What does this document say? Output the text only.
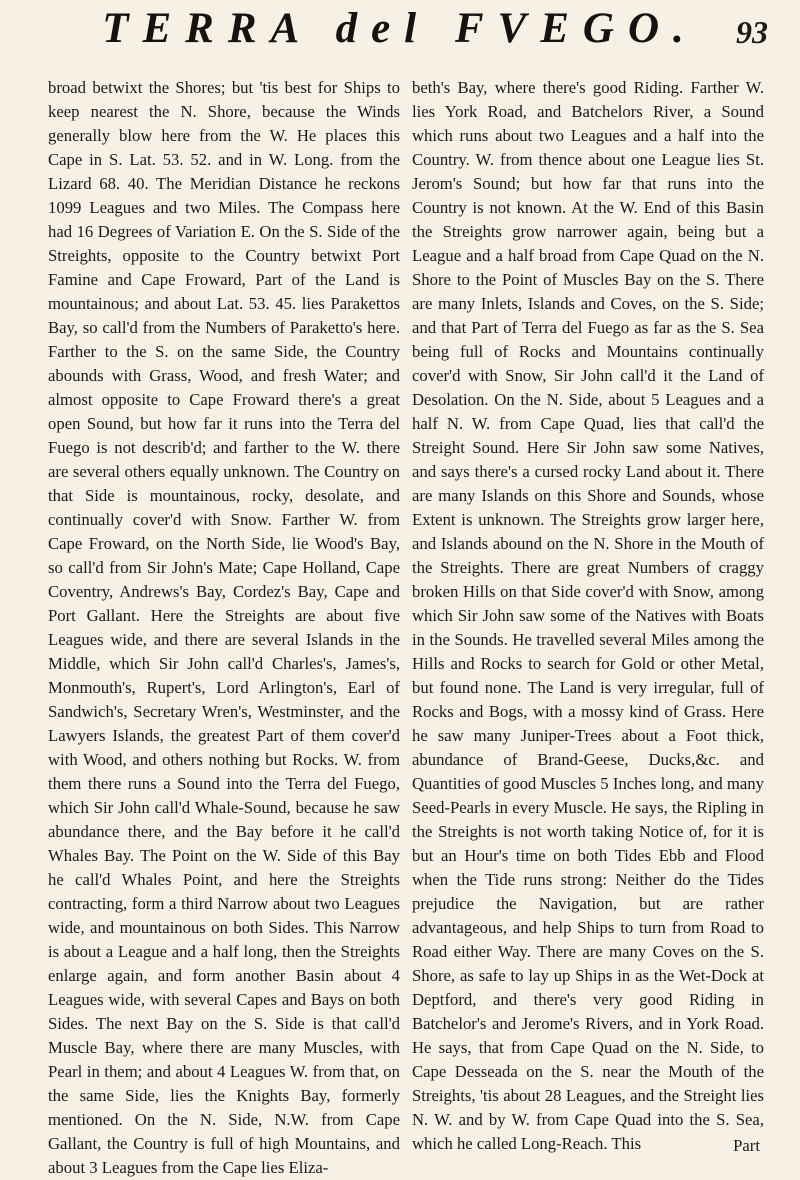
TERRA del FVEGO.	93

broad betwixt the Shores; but 'tis best for Ships to keep nearest the N. Shore, because the Winds generally blow here from the W. He places this Cape in S. Lat. 53. 52. and in W. Long. from the Lizard 68. 40. The Meridian Distance he reckons 1099 Leagues and two Miles. The Compass here had 16 Degrees of Variation E. On the S. Side of the Streights, opposite to the Country betwixt Port Famine and Cape Froward, Part of the Land is mountainous; and about Lat. 53. 45. lies Parakettos Bay, so call'd from the Numbers of Paraketto's here. Farther to the S. on the same Side, the Country abounds with Grass, Wood, and fresh Water; and almost opposite to Cape Froward there's a great open Sound, but how far it runs into the Terra del Fuego is not describ'd; and farther to the W. there are several others equally unknown. The Country on that Side is mountainous, rocky, desolate, and continually cover'd with Snow. Farther W. from Cape Froward, on the North Side, lie Wood's Bay, so call'd from Sir John's Mate; Cape Holland, Cape Coventry, Andrews's Bay, Cordez's Bay, Cape and Port Gallant. Here the Streights are about five Leagues wide, and there are several Islands in the Middle, which Sir John call'd Charles's, James's, Monmouth's, Rupert's, Lord Arlington's, Earl of Sandwich's, Secretary Wren's, Westminster, and the Lawyers Islands, the greatest Part of them cover'd with Wood, and others nothing but Rocks. W. from them there runs a Sound into the Terra del Fuego, which Sir John call'd Whale-Sound, because he saw abundance there, and the Bay before it he call'd Whales Bay. The Point on the W. Side of this Bay he call'd Whales Point, and here the Streights contracting, form a third Narrow about two Leagues wide, and mountainous on both Sides. This Narrow is about a League and a half long, then the Streights enlarge again, and form another Basin about 4 Leagues wide, with several Capes and Bays on both Sides. The next Bay on the S. Side is that call'd Muscle Bay, where there are many Muscles, with Pearl in them; and about 4 Leagues W. from that, on the same Side, lies the Knights Bay, formerly mentioned. On the N. Side, N.W. from Cape Gallant, the Country is full of high Mountains, and about 3 Leagues from the Cape lies Eliza-

beth's Bay, where there's good Riding. Farther W. lies York Road, and Batchelors River, a Sound which runs about two Leagues and a half into the Country. W. from thence about one League lies St. Jerom's Sound; but how far that runs into the Country is not known. At the W. End of this Basin the Streights grow narrower again, being but a League and a half broad from Cape Quad on the N. Shore to the Point of Muscles Bay on the S. There are many Inlets, Islands and Coves, on the S. Side; and that Part of Terra del Fuego as far as the S. Sea being full of Rocks and Mountains continually cover'd with Snow, Sir John call'd it the Land of Desolation. On the N. Side, about 5 Leagues and a half N. W. from Cape Quad, lies that call'd the Streight Sound. Here Sir John saw some Natives, and says there's a cursed rocky Land about it. There are many Islands on this Shore and Sounds, whose Extent is unknown. The Streights grow larger here, and Islands abound on the N. Shore in the Mouth of the Streights. There are great Numbers of craggy broken Hills on that Side cover'd with Snow, among which Sir John saw some of the Natives with Boats in the Sounds. He travelled several Miles among the Hills and Rocks to search for Gold or other Metal, but found none. The Land is very irregular, full of Rocks and Bogs, with a mossy kind of Grass. Here he saw many Juniper-Trees about a Foot thick, abundance of Brand-Geese, Ducks,&c. and Quantities of good Muscles 5 Inches long, and many Seed-Pearls in every Muscle. He says, the Ripling in the Streights is not worth taking Notice of, for it is but an Hour's time on both Tides Ebb and Flood when the Tide runs strong: Neither do the Tides prejudice the Navigation, but are rather advantageous, and help Ships to turn from Road to Road either Way. There are many Coves on the S. Shore, as safe to lay up Ships in as the Wet-Dock at Deptford, and there's very good Riding in Batchelor's and Jerome's Rivers, and in York Road. He says, that from Cape Quad on the N. Side, to Cape Desseada on the S. near the Mouth of the Streights, 'tis about 28 Leagues, and the Streight lies N. W. and by W. from Cape Quad into the S. Sea, which he called Long-Reach. This	Part
